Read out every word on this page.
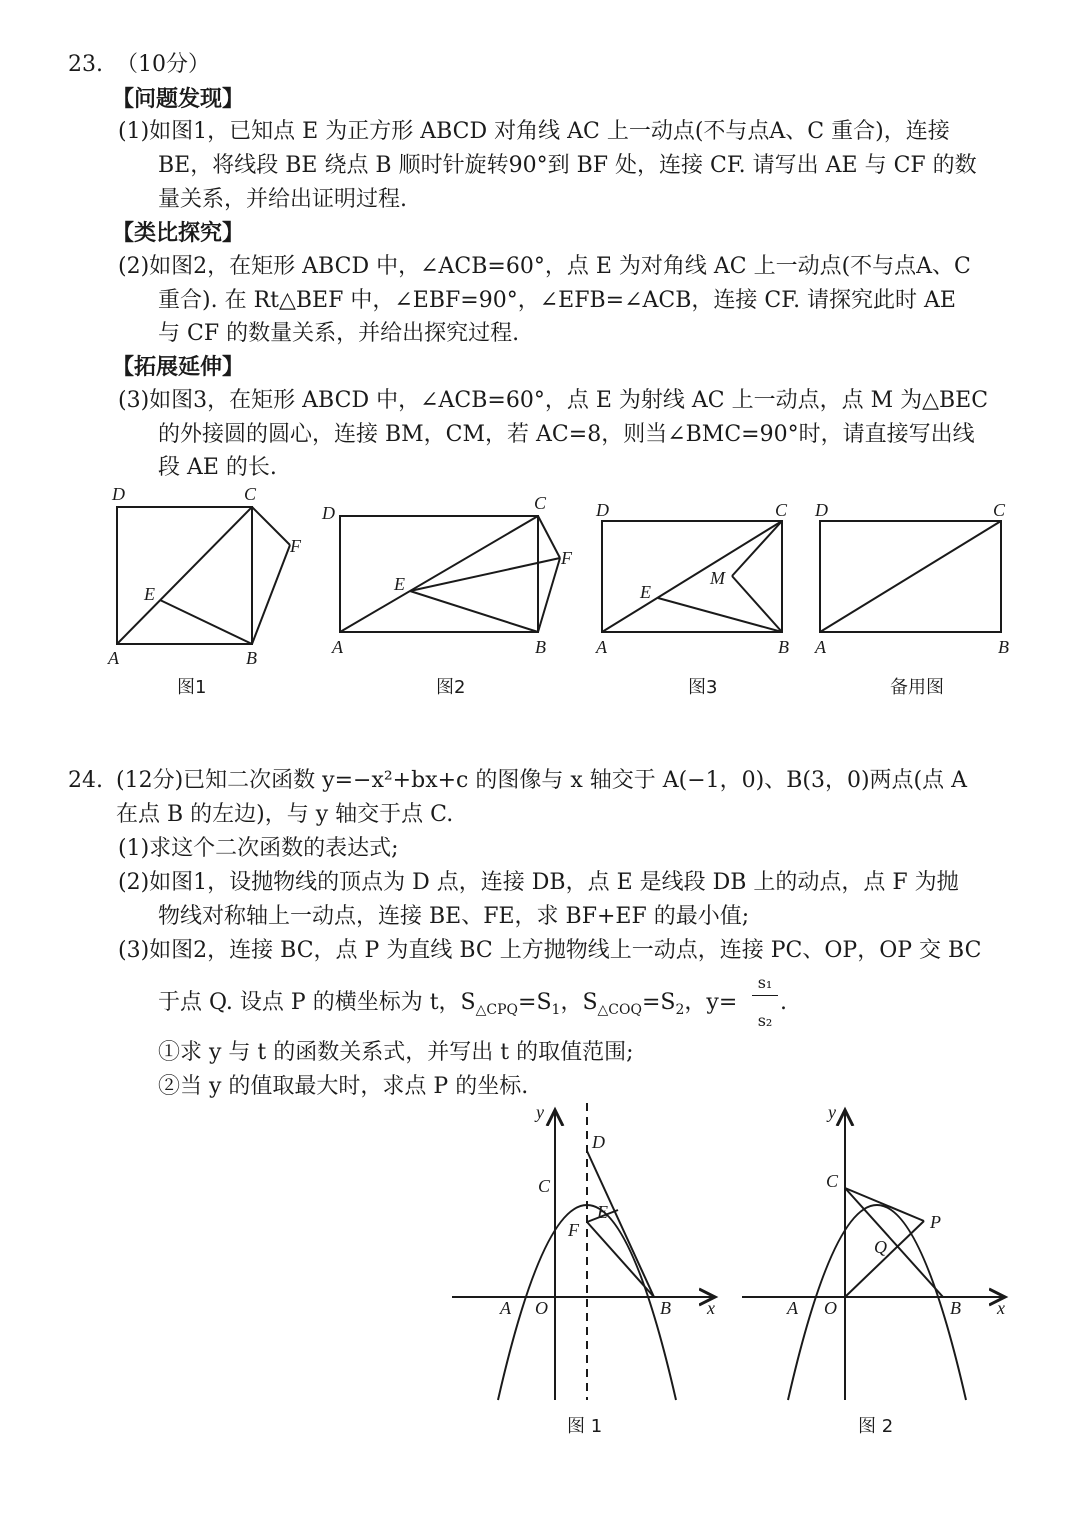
23. （10分）
【问题发现】
(1)如图1，已知点 E 为正方形 ABCD 对角线 AC 上一动点(不与点A、C 重合)，连接
BE，将线段 BE 绕点 B 顺时针旋转90°到 BF 处，连接 CF. 请写出 AE 与 CF 的数
量关系，并给出证明过程.
【类比探究】
(2)如图2，在矩形 ABCD 中，∠ACB=60°，点 E 为对角线 AC 上一动点(不与点A、C
重合). 在 Rt△BEF 中，∠EBF=90°，∠EFB=∠ACB，连接 CF. 请探究此时 AE
与 CF 的数量关系，并给出探究过程.
【拓展延伸】
(3)如图3，在矩形 ABCD 中，∠ACB=60°，点 E 为射线 AC 上一动点，点 M 为△BEC
的外接圆的圆心，连接 BM，CM，若 AC=8，则当∠BMC=90°时，请直接写出线
段 AE 的长.
D	C
F
E
A	B
D	C
F
E
A	B
D	C
M
E
A	B
D	C
A	B
图1	图2	图3	备用图
24. (12分)已知二次函数 y=−x²+bx+c 的图像与 x 轴交于 A(−1，0)、B(3，0)两点(点 A
在点 B 的左边)，与 y 轴交于点 C.
(1)求这个二次函数的表达式;
(2)如图1，设抛物线的顶点为 D 点，连接 DB，点 E 是线段 DB 上的动点，点 F 为抛
物线对称轴上一动点，连接 BE、FE，求 BF+EF 的最小值;
(3)如图2，连接 BC，点 P 为直线 BC 上方抛物线上一动点，连接 PC、OP，OP 交 BC
于点 Q. 设点 P 的横坐标为 t，$S_{\triangle CPQ}=S_1$，$S_{\triangle COQ}=S_2$，y=
s₁
s₂
.
①求 y 与 t 的函数关系式，并写出 t 的取值范围;
②当 y 的值取最大时，求点 P 的坐标.
y
D
C
E
F
A O	B x
y
C
P
Q
A O	B x
图 1	图 2
